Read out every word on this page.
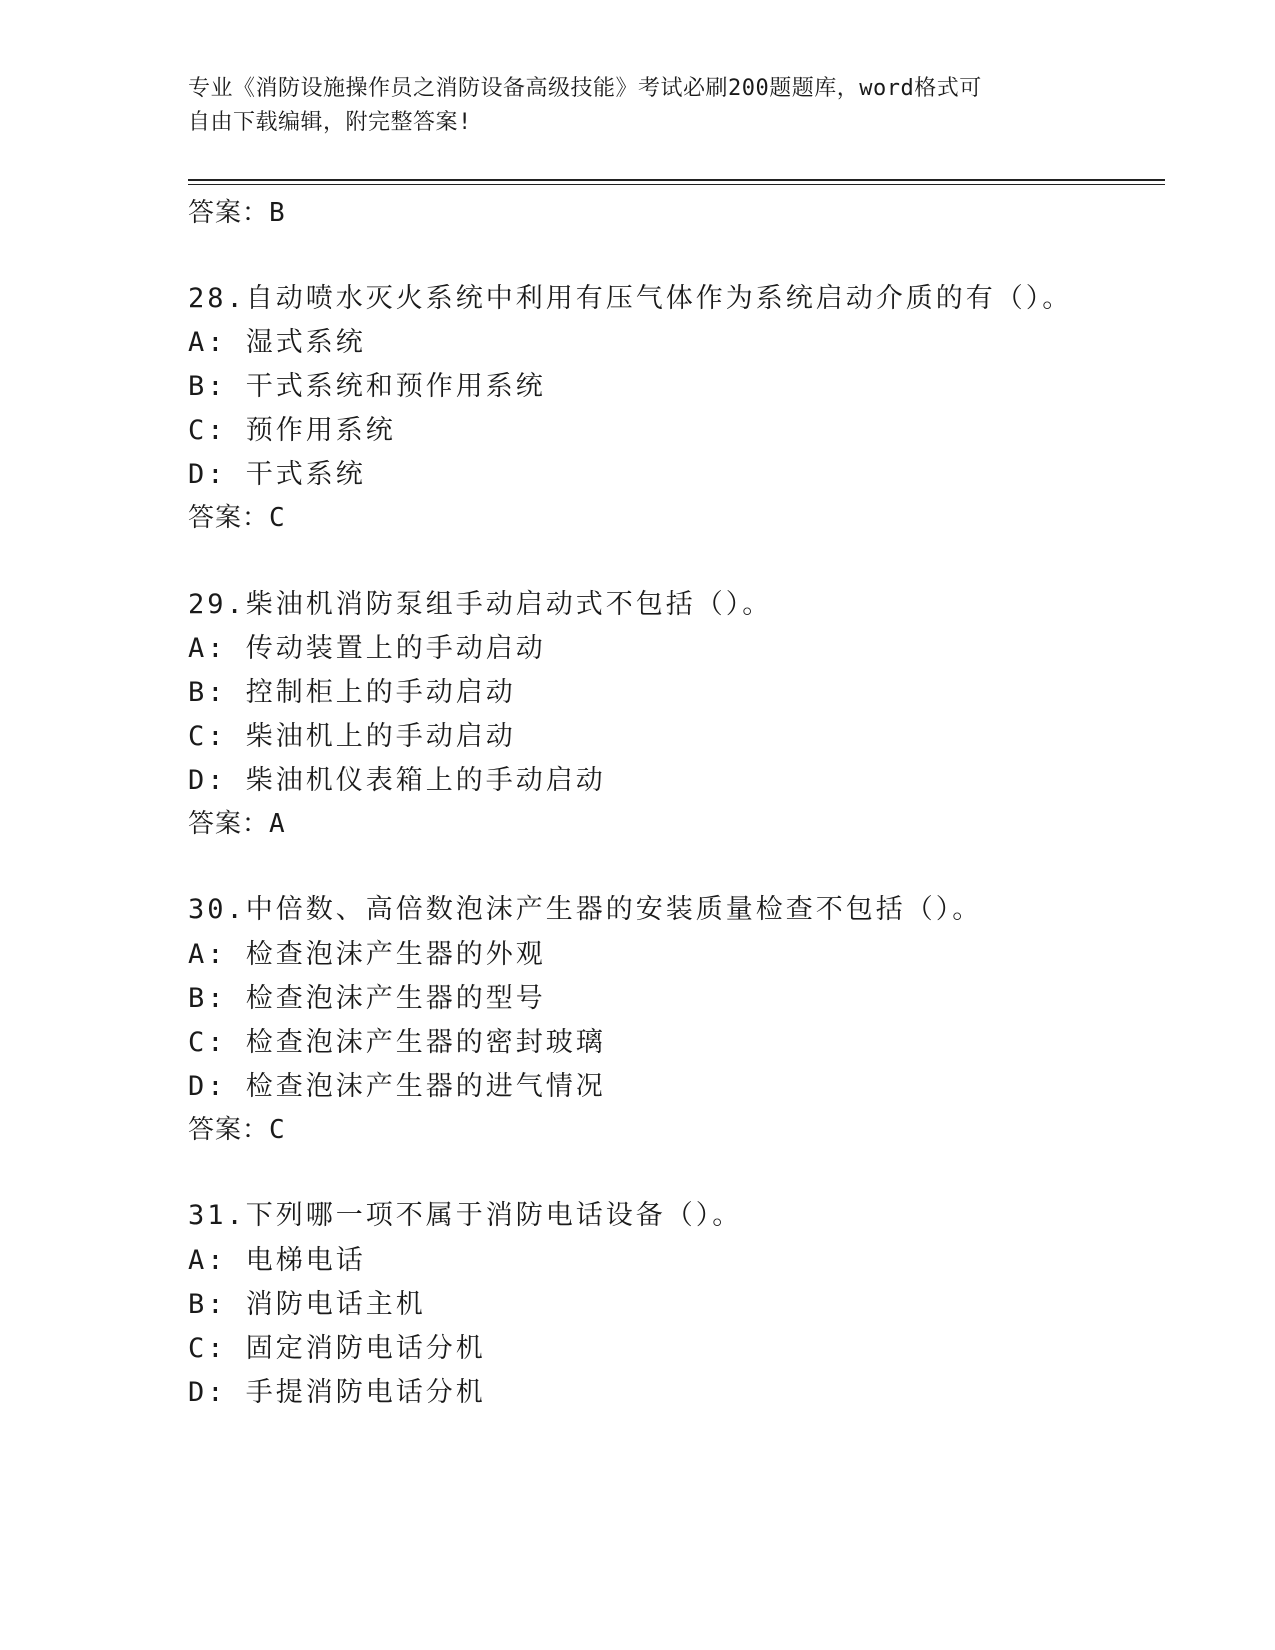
专业《消防设施操作员之消防设备高级技能》考试必刷200题题库，word格式可
自由下载编辑，附完整答案!
答案：B
28.自动喷水灭火系统中利用有压气体作为系统启动介质的有（）。
A: 湿式系统
B: 干式系统和预作用系统
C: 预作用系统
D: 干式系统
答案：C
29.柴油机消防泵组手动启动式不包括（）。
A: 传动装置上的手动启动
B: 控制柜上的手动启动
C: 柴油机上的手动启动
D: 柴油机仪表箱上的手动启动
答案：A
30.中倍数、高倍数泡沫产生器的安装质量检查不包括（）。
A: 检查泡沫产生器的外观
B: 检查泡沫产生器的型号
C: 检查泡沫产生器的密封玻璃
D: 检查泡沫产生器的进气情况
答案：C
31.下列哪一项不属于消防电话设备（）。
A: 电梯电话
B: 消防电话主机
C: 固定消防电话分机
D: 手提消防电话分机
